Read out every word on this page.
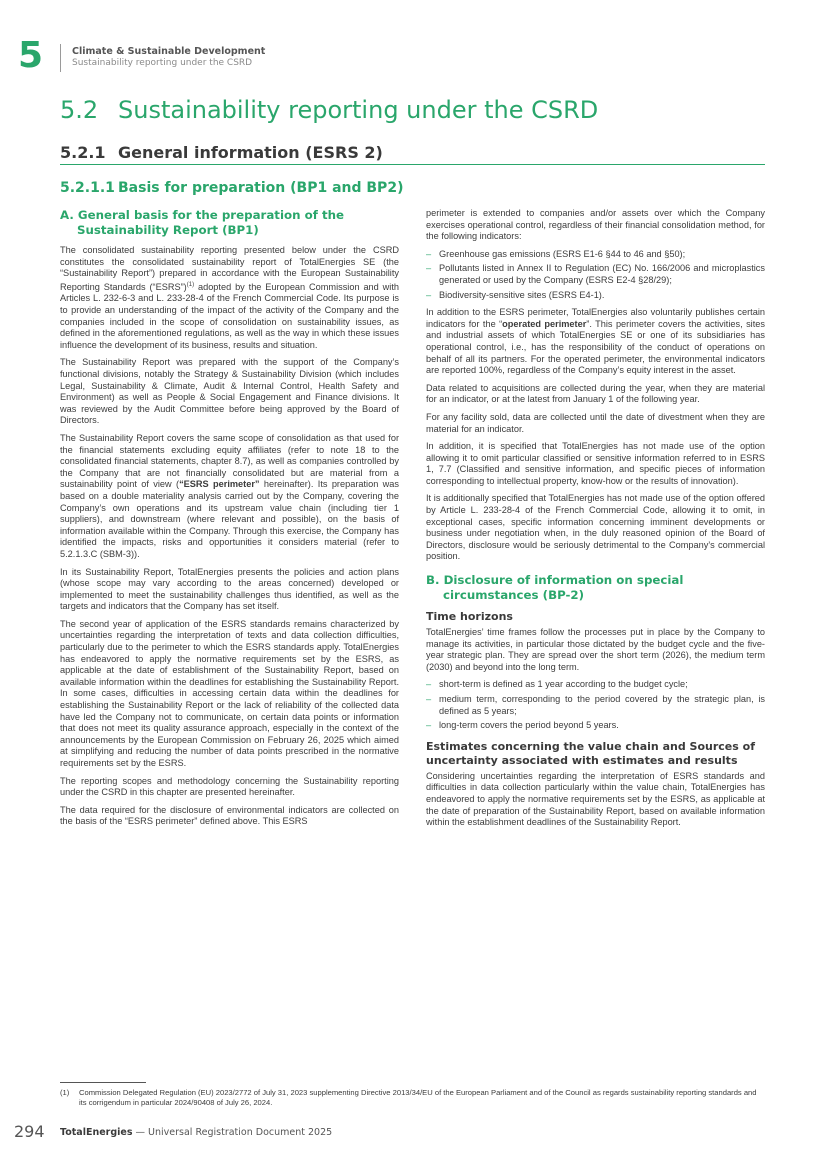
5	Climate & Sustainable Development
Sustainability reporting under the CSRD
5.2 Sustainability reporting under the CSRD
5.2.1 General information (ESRS 2)
5.2.1.1 Basis for preparation (BP1 and BP2)
A. General basis for the preparation of the Sustainability Report (BP1)

The consolidated sustainability reporting presented below under the CSRD constitutes the consolidated sustainability report of TotalEnergies SE (the “Sustainability Report”) prepared in accordance with the European Sustainability Reporting Standards (“ESRS”)$^{(1)}$ adopted by the European Commission and with Articles L. 232-6-3 and L. 233-28-4 of the French Commercial Code. Its purpose is to provide an understanding of the impact of the activity of the Company and the companies included in the scope of consolidation on sustainability issues, as defined in the aforementioned regulations, as well as the way in which these issues influence the development of its business, results and situation.

The Sustainability Report was prepared with the support of the Company’s functional divisions, notably the Strategy & Sustainability Division (which includes Legal, Sustainability & Climate, Audit & Internal Control, Health Safety and Environment) as well as People & Social Engagement and Finance divisions. It was reviewed by the Audit Committee before being approved by the Board of Directors.

The Sustainability Report covers the same scope of consolidation as that used for the financial statements excluding equity affiliates (refer to note 18 to the consolidated financial statements, chapter 8.7), as well as companies controlled by the Company that are not financially consolidated but are material from a sustainability point of view (“ESRS perimeter” hereinafter). Its preparation was based on a double materiality analysis carried out by the Company, covering the Company’s own operations and its upstream value chain (including tier 1 suppliers), and downstream (where relevant and possible), on the basis of information available within the Company. Through this exercise, the Company has identified the impacts, risks and opportunities it considers material (refer to 5.2.1.3.C (SBM-3)).

In its Sustainability Report, TotalEnergies presents the policies and action plans (whose scope may vary according to the areas concerned) developed or implemented to meet the sustainability challenges thus identified, as well as the targets and indicators that the Company has set itself.

The second year of application of the ESRS standards remains characterized by uncertainties regarding the interpretation of texts and data collection difficulties, particularly due to the perimeter to which the ESRS standards apply. TotalEnergies has endeavored to apply the normative requirements set by the ESRS, as applicable at the date of establishment of the Sustainability Report, based on available information within the deadlines for establishing the Sustainability Report. In some cases, difficulties in accessing certain data within the deadlines for establishing the Sustainability Report or the lack of reliability of the collected data have led the Company not to communicate, on certain data points or information that does not meet its quality assurance approach, especially in the context of the announcements by the European Commission on February 26, 2025 which aimed at simplifying and reducing the number of data points prescribed in the normative requirements set by the ESRS.

The reporting scopes and methodology concerning the Sustainability reporting under the CSRD in this chapter are presented hereinafter.

The data required for the disclosure of environmental indicators are collected on the basis of the “ESRS perimeter” defined above. This ESRS

perimeter is extended to companies and/or assets over which the Company exercises operational control, regardless of their financial consolidation method, for the following indicators:

– Greenhouse gas emissions (ESRS E1-6 §44 to 46 and §50);
– Pollutants listed in Annex II to Regulation (EC) No. 166/2006 and microplastics generated or used by the Company (ESRS E2-4 §28/29);
– Biodiversity-sensitive sites (ESRS E4-1).

In addition to the ESRS perimeter, TotalEnergies also voluntarily publishes certain indicators for the “operated perimeter”. This perimeter covers the activities, sites and industrial assets of which TotalEnergies SE or one of its subsidiaries has operational control, i.e., has the responsibility of the conduct of operations on behalf of all its partners. For the operated perimeter, the environmental indicators are reported 100%, regardless of the Company’s equity interest in the asset.

Data related to acquisitions are collected during the year, when they are material for an indicator, or at the latest from January 1 of the following year.

For any facility sold, data are collected until the date of divestment when they are material for an indicator.

In addition, it is specified that TotalEnergies has not made use of the option allowing it to omit particular classified or sensitive information referred to in ESRS 1, 7.7 (Classified and sensitive information, and specific pieces of information corresponding to intellectual property, know-how or the results of innovation).

It is additionally specified that TotalEnergies has not made use of the option offered by Article L. 233-28-4 of the French Commercial Code, allowing it to omit, in exceptional cases, specific information concerning imminent developments or business under negotiation when, in the duly reasoned opinion of the Board of Directors, disclosure would be seriously detrimental to the Company’s commercial position.

B. Disclosure of information on special circumstances (BP-2)
Time horizons

TotalEnergies’ time frames follow the processes put in place by the Company to manage its activities, in particular those dictated by the budget cycle and the five-year strategic plan. They are spread over the short term (2026), the medium term (2030) and beyond into the long term.

– short-term is defined as 1 year according to the budget cycle;
– medium term, corresponding to the period covered by the strategic plan, is defined as 5 years;
– long-term covers the period beyond 5 years.
Estimates concerning the value chain and Sources of uncertainty associated with estimates and results

Considering uncertainties regarding the interpretation of ESRS standards and difficulties in data collection particularly within the value chain, TotalEnergies has endeavored to apply the normative requirements set by the ESRS, as applicable at the date of preparation of the Sustainability Report, based on available information within the establishment deadlines of the Sustainability Report.

(1)	Commission Delegated Regulation (EU) 2023/2772 of July 31, 2023 supplementing Directive 2013/34/EU of the European Parliament and of the Council as regards sustainability reporting standards and its corrigendum in particular 2024/90408 of July 26, 2024.
294 TotalEnergies — Universal Registration Document 2025
